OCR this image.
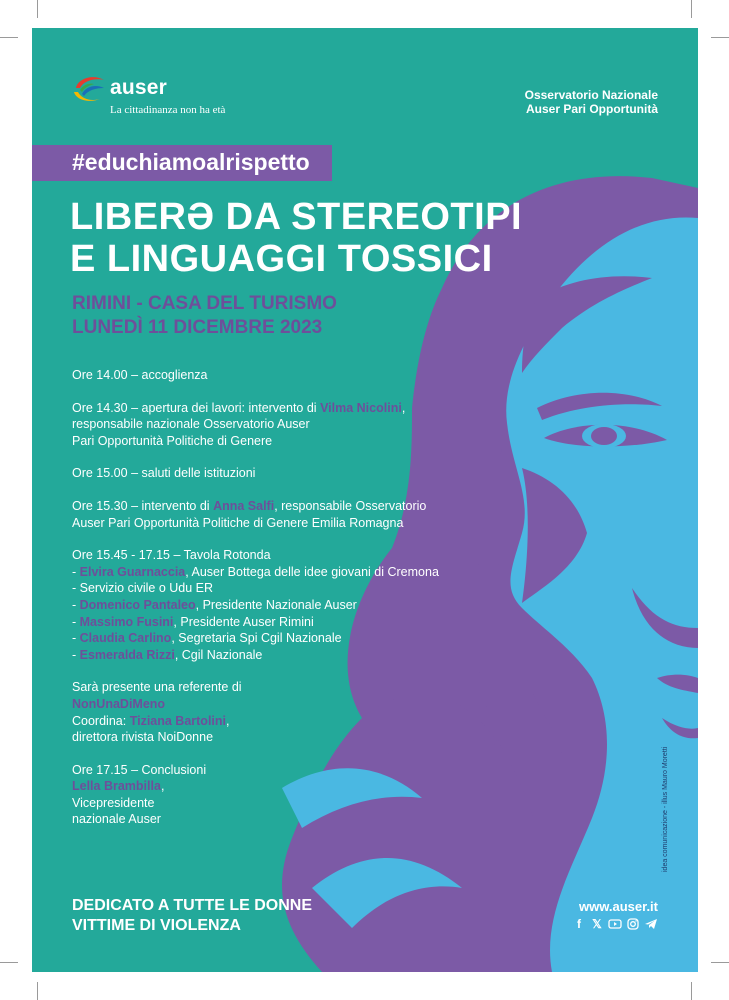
auser
La cittadinanza non ha età
Osservatorio Nazionale
Auser Pari Opportunità
#educhiamoalrispetto
LIBERƏ DA STEREOTIPI
E LINGUAGGI TOSSICI
RIMINI - CASA DEL TURISMO
LUNEDÌ 11 DICEMBRE 2023
Ore 14.00 – accoglienza
Ore 14.30 – apertura dei lavori: intervento di Vilma Nicolini,
responsabile nazionale Osservatorio Auser
Pari Opportunità Politiche di Genere
Ore 15.00 – saluti delle istituzioni
Ore 15.30 – intervento di Anna Salfi, responsabile Osservatorio
Auser Pari Opportunità Politiche di Genere Emilia Romagna
Ore 15.45 - 17.15 – Tavola Rotonda
- Elvira Guarnaccia, Auser Bottega delle idee giovani di Cremona
- Servizio civile o Udu ER
- Domenico Pantaleo, Presidente Nazionale Auser
- Massimo Fusini, Presidente Auser Rimini
- Claudia Carlino, Segretaria Spi Cgil Nazionale
- Esmeralda Rizzi, Cgil Nazionale
Sarà presente una referente di
NonUnaDiMeno
Coordina: Tiziana Bartolini,
direttora rivista NoiDonne
Ore 17.15 – Conclusioni
Lella Brambilla,
Vicepresidente
nazionale Auser	idea comunicazione - illus Mauro Moretti
DEDICATO A TUTTE LE DONNE
VITTIME DI VIOLENZA
www.auser.it
f 𝕏
